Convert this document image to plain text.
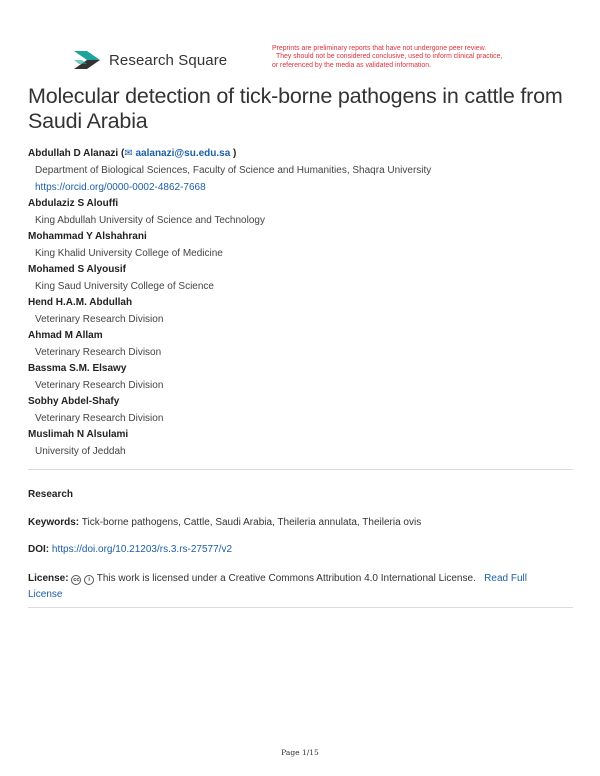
Research Square
Preprints are preliminary reports that have not undergone peer review.
They should not be considered conclusive, used to inform clinical practice,
or referenced by the media as validated information.
Molecular detection of tick-borne pathogens in cattle from Saudi Arabia
Abdullah D Alanazi (✉ aalanazi@su.edu.sa )
Department of Biological Sciences, Faculty of Science and Humanities, Shaqra University
https://orcid.org/0000-0002-4862-7668
Abdulaziz S Alouffi
King Abdullah University of Science and Technology
Mohammad Y Alshahrani
King Khalid University College of Medicine
Mohamed S Alyousif
King Saud University College of Science
Hend H.A.M. Abdullah
Veterinary Research Division
Ahmad M Allam
Veterinary Research Divison
Bassma S.M. Elsawy
Veterinary Research Division
Sobhy Abdel-Shafy
Veterinary Research Division
Muslimah N Alsulami
University of Jeddah
Research
Keywords: Tick-borne pathogens, Cattle, Saudi Arabia, Theileria annulata, Theileria ovis
DOI: https://doi.org/10.21203/rs.3.rs-27577/v2
License: cc i This work is licensed under a Creative Commons Attribution 4.0 International License. Read Full
License
Page 1/15
